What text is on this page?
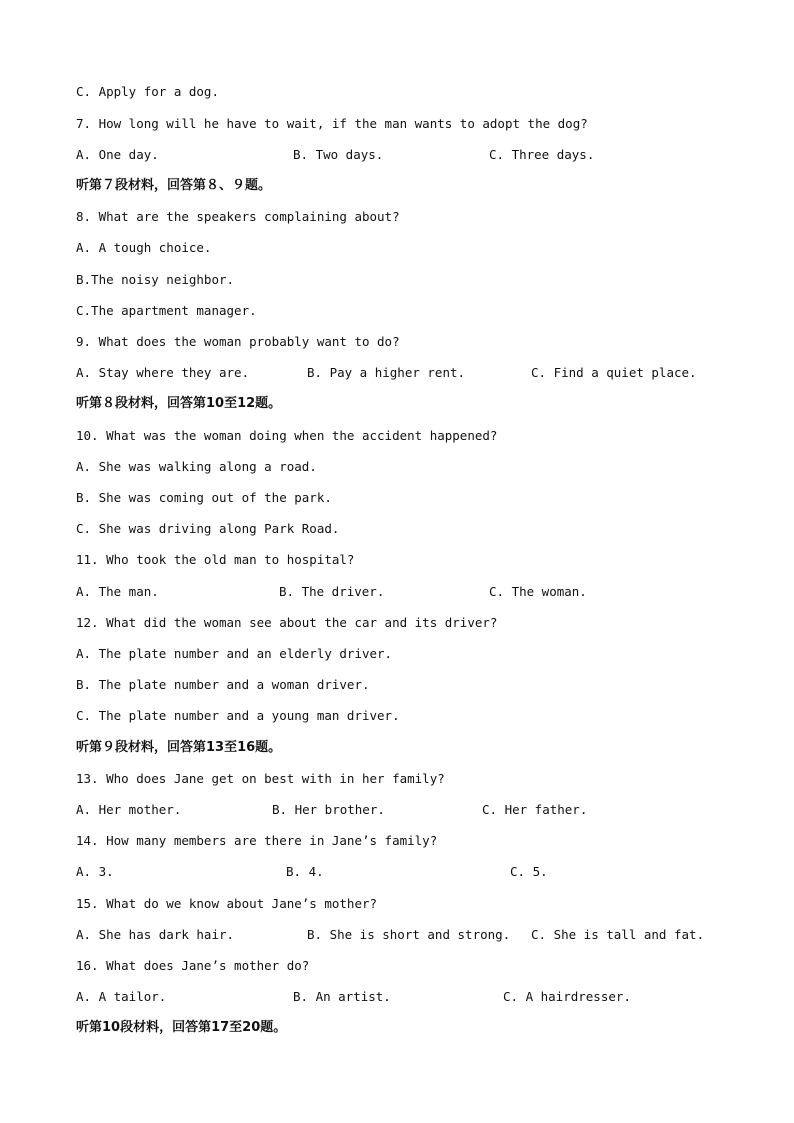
C. Apply for a dog.
7. How long will he have to wait, if the man wants to adopt the dog?
A. One day.	B. Two days.	C. Three days.
听第７段材料，回答第８、９题。
8. What are the speakers complaining about?
A. A tough choice.
B.The noisy neighbor.
C.The apartment manager.
9. What does the woman probably want to do?
A. Stay where they are.	B. Pay a higher rent.	C. Find a quiet place.
听第８段材料，回答第10至12题。
10. What was the woman doing when the accident happened?
A. She was walking along a road.
B. She was coming out of the park.
C. She was driving along Park Road.
11. Who took the old man to hospital?
A. The man.	B. The driver.	C. The woman.
12. What did the woman see about the car and its driver?
A. The plate number and an elderly driver.
B. The plate number and a woman driver.
C. The plate number and a young man driver.
听第９段材料，回答第13至16题。
13. Who does Jane get on best with in her family?
A. Her mother.	B. Her brother.	C. Her father.
14. How many members are there in Jane’s family?
A. 3.	B. 4.	C. 5.
15. What do we know about Jane’s mother?
A. She has dark hair.	B. She is short and strong. C. She is tall and fat.
16. What does Jane’s mother do?
A. A tailor.	B. An artist.	C. A hairdresser.
听第10段材料，回答第17至20题。
